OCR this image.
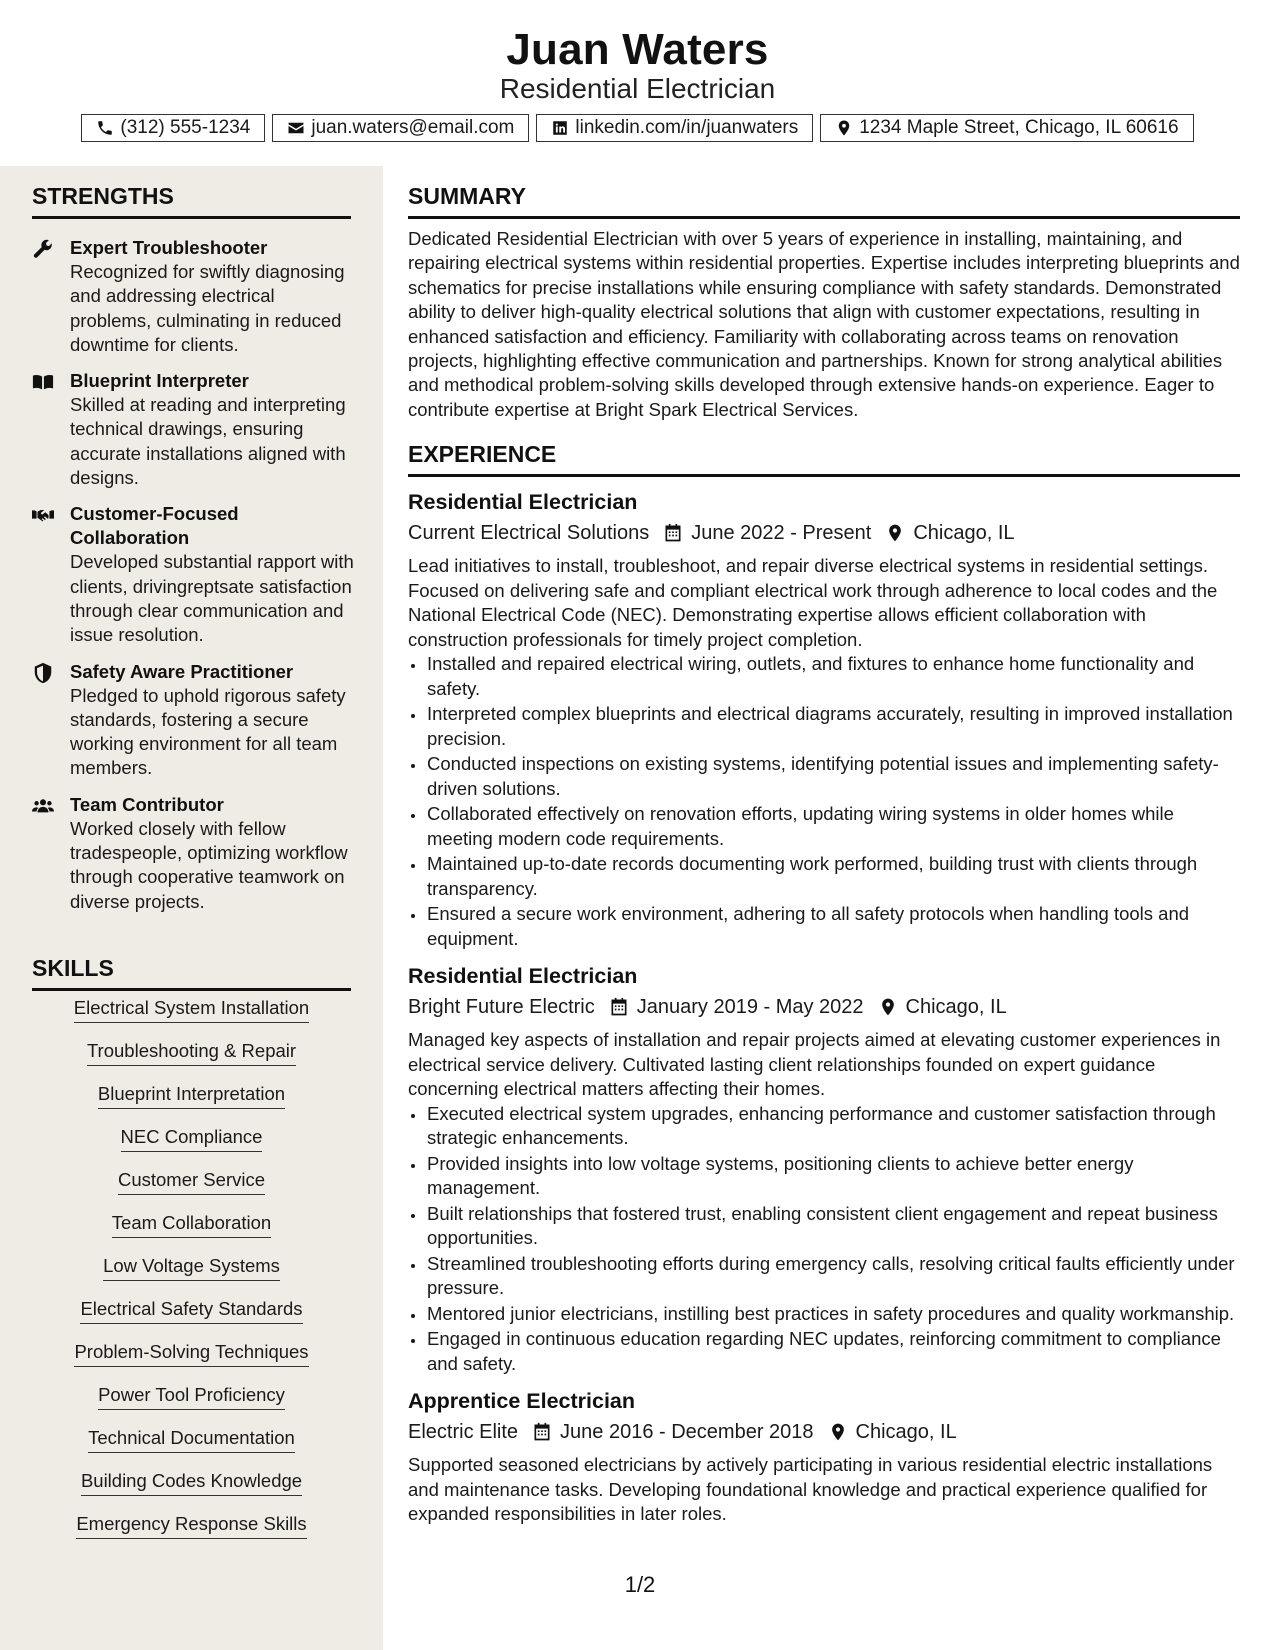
Juan Waters
Residential Electrician
(312) 555-1234	juan.waters@email.com	linkedin.com/in/juanwaters	1234 Maple Street, Chicago, IL 60616
STRENGTHS
Expert Troubleshooter
Recognized for swiftly diagnosing and addressing electrical problems, culminating in reduced downtime for clients.
Blueprint Interpreter
Skilled at reading and interpreting technical drawings, ensuring accurate installations aligned with designs.
Customer-Focused Collaboration
Developed substantial rapport with clients, drivingreptsate satisfaction through clear communication and issue resolution.
Safety Aware Practitioner
Pledged to uphold rigorous safety standards, fostering a secure working environment for all team members.
Team Contributor
Worked closely with fellow tradespeople, optimizing workflow through cooperative teamwork on diverse projects.
SKILLS
Electrical System Installation
Troubleshooting & Repair
Blueprint Interpretation
NEC Compliance
Customer Service
Team Collaboration
Low Voltage Systems
Electrical Safety Standards
Problem-Solving Techniques
Power Tool Proficiency
Technical Documentation
Building Codes Knowledge
Emergency Response Skills
SUMMARY
Dedicated Residential Electrician with over 5 years of experience in installing, maintaining, and repairing electrical systems within residential properties. Expertise includes interpreting blueprints and schematics for precise installations while ensuring compliance with safety standards. Demonstrated ability to deliver high-quality electrical solutions that align with customer expectations, resulting in enhanced satisfaction and efficiency. Familiarity with collaborating across teams on renovation projects, highlighting effective communication and partnerships. Known for strong analytical abilities and methodical problem-solving skills developed through extensive hands-on experience. Eager to contribute expertise at Bright Spark Electrical Services.
EXPERIENCE
Residential Electrician
Current Electrical Solutions June 2022 - Present Chicago, IL
Lead initiatives to install, troubleshoot, and repair diverse electrical systems in residential settings. Focused on delivering safe and compliant electrical work through adherence to local codes and the National Electrical Code (NEC). Demonstrating expertise allows efficient collaboration with construction professionals for timely project completion.
• Installed and repaired electrical wiring, outlets, and fixtures to enhance home functionality and safety.
• Interpreted complex blueprints and electrical diagrams accurately, resulting in improved installation precision.
• Conducted inspections on existing systems, identifying potential issues and implementing safety-driven solutions.
• Collaborated effectively on renovation efforts, updating wiring systems in older homes while meeting modern code requirements.
• Maintained up-to-date records documenting work performed, building trust with clients through transparency.
• Ensured a secure work environment, adhering to all safety protocols when handling tools and equipment.
Residential Electrician
Bright Future Electric January 2019 - May 2022 Chicago, IL
Managed key aspects of installation and repair projects aimed at elevating customer experiences in electrical service delivery. Cultivated lasting client relationships founded on expert guidance concerning electrical matters affecting their homes.
• Executed electrical system upgrades, enhancing performance and customer satisfaction through strategic enhancements.
• Provided insights into low voltage systems, positioning clients to achieve better energy management.
• Built relationships that fostered trust, enabling consistent client engagement and repeat business opportunities.
• Streamlined troubleshooting efforts during emergency calls, resolving critical faults efficiently under pressure.
• Mentored junior electricians, instilling best practices in safety procedures and quality workmanship.
• Engaged in continuous education regarding NEC updates, reinforcing commitment to compliance and safety.
Apprentice Electrician
Electric Elite June 2016 - December 2018 Chicago, IL
Supported seasoned electricians by actively participating in various residential electric installations and maintenance tasks. Developing foundational knowledge and practical experience qualified for expanded responsibilities in later roles.
1/2
